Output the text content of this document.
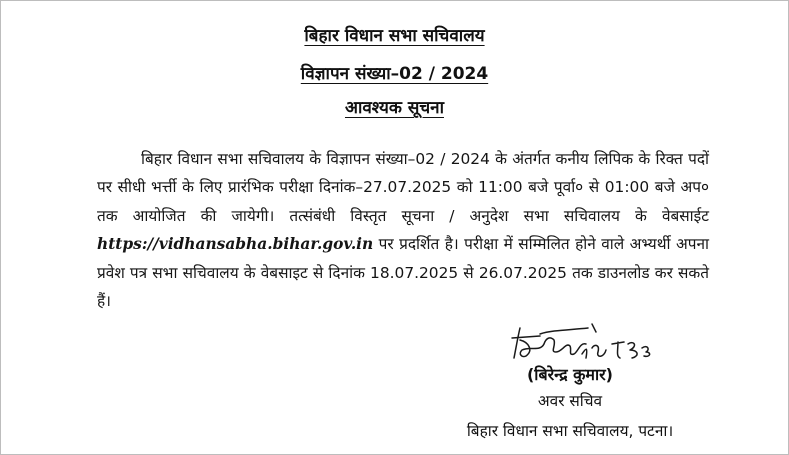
बिहार विधान सभा सचिवालय
विज्ञापन संख्या–02 / 2024
आवश्यक सूचना

बिहार विधान सभा सचिवालय के विज्ञापन संख्या–02 / 2024 के अंतर्गत कनीय लिपिक के रिक्त पदों पर सीधी भर्त्ती के लिए प्रारंभिक परीक्षा दिनांक–27.07.2025 को 11:00 बजे पूर्वा० से 01:00 बजे अप० तक आयोजित की जायेगी। तत्संबंधी विस्तृत सूचना / अनुदेश सभा सचिवालय के वेबसाईट https://vidhansabha.bihar.gov.in पर प्रदर्शित है। परीक्षा में सम्मिलित होने वाले अभ्यर्थी अपना प्रवेश पत्र सभा सचिवालय के वेबसाइट से दिनांक 18.07.2025 से 26.07.2025 तक डाउनलोड कर सकते हैं।

(बिरेन्द्र कुमार)
अवर सचिव
बिहार विधान सभा सचिवालय, पटना।
